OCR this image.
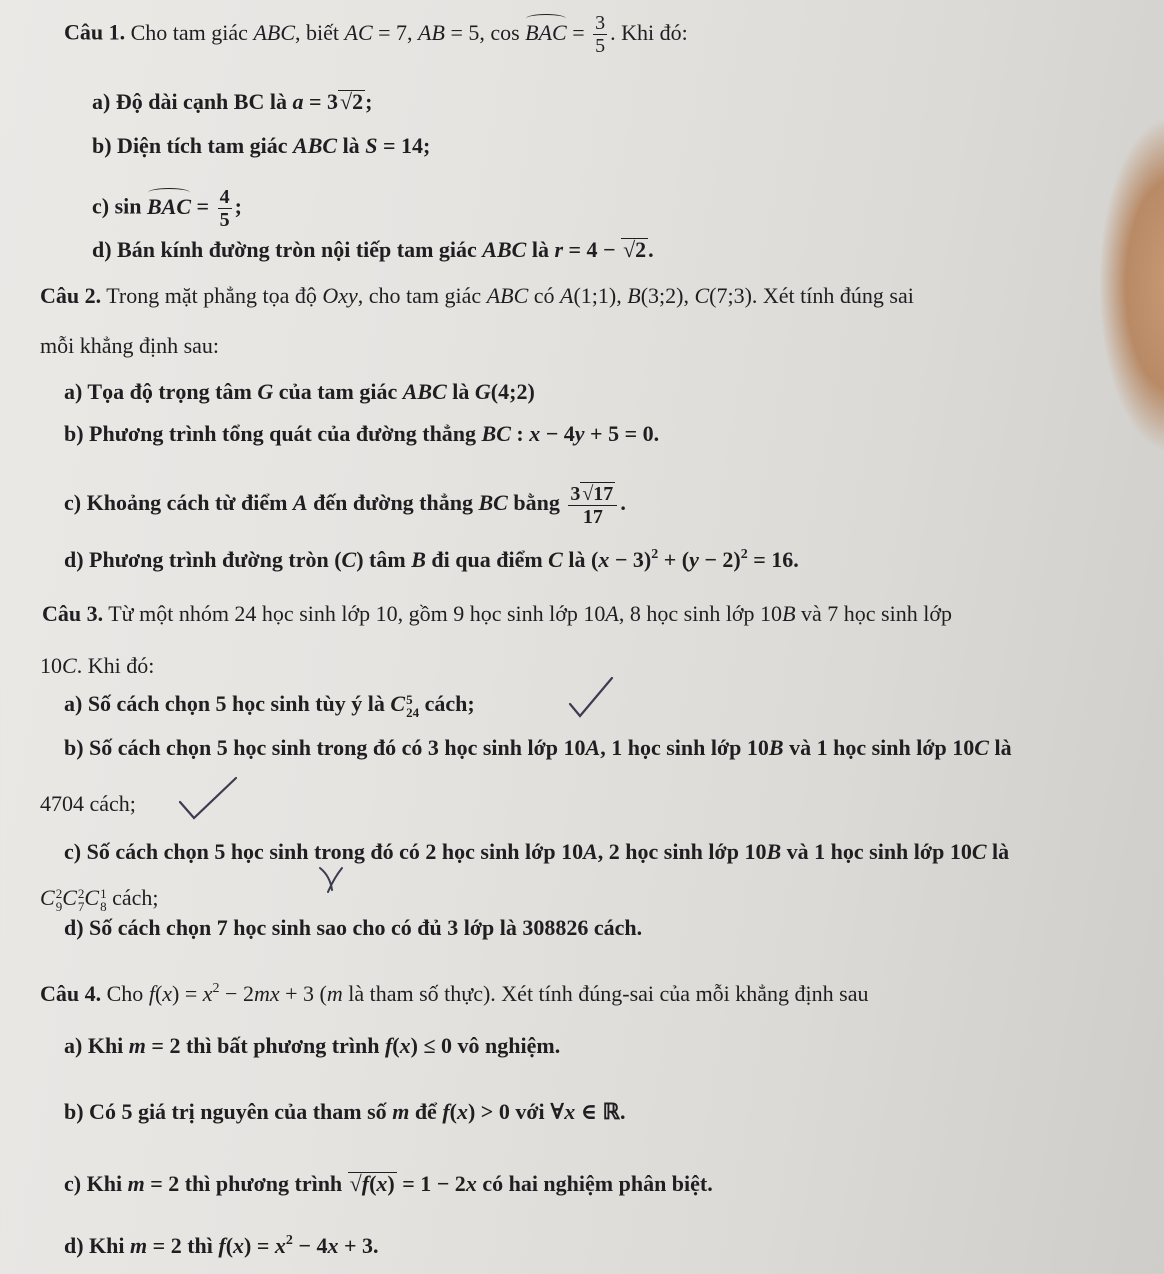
Câu 1. Cho tam giác ABC, biết AC = 7, AB = 5, cos BAC = $\frac{3}{5}$ . Khi đó:
a) Độ dài cạnh BC là a = 3√2;
b) Diện tích tam giác ABC là S = 14;
c) sin BAC = $\frac{4}{5}$ ;
d) Bán kính đường tròn nội tiếp tam giác ABC là r = 4 − √2.
Câu 2. Trong mặt phẳng tọa độ Oxy, cho tam giác ABC có A(1;1), B(3;2), C(7;3). Xét tính đúng sai
mỗi khẳng định sau:
a) Tọa độ trọng tâm G của tam giác ABC là G(4;2)
b) Phương trình tổng quát của đường thẳng BC : x − 4y + 5 = 0.
c) Khoảng cách từ điểm A đến đường thẳng BC bằng $\frac{3 √17}{17}$ .
d) Phương trình đường tròn (C) tâm B đi qua điểm C là $(x - 3)^2 + (y - 2)^2 = 16$.
Câu 3. Từ một nhóm 24 học sinh lớp 10, gồm 9 học sinh lớp 10A, 8 học sinh lớp 10B và 7 học sinh lớp
10C. Khi đó:
a) Số cách chọn 5 học sinh tùy ý là C 5
24 cách;
b) Số cách chọn 5 học sinh trong đó có 3 học sinh lớp 10A, 1 học sinh lớp 10B và 1 học sinh lớp 10C là
4704 cách;
c) Số cách chọn 5 học sinh trong đó có 2 học sinh lớp 10A, 2 học sinh lớp 10B và 1 học sinh lớp 10C là
C 2
9 C 2
7 C 1
8 cách;
d) Số cách chọn 7 học sinh sao cho có đủ 3 lớp là 308826 cách.
Câu 4. Cho $f(x) = x^2 - 2mx + 3$ (m là tham số thực). Xét tính đúng-sai của mỗi khẳng định sau
a) Khi m = 2 thì bất phương trình f(x) ≤ 0 vô nghiệm.
b) Có 5 giá trị nguyên của tham số m để f(x) > 0 với ∀x ∈ ℝ.
c) Khi m = 2 thì phương trình √f(x) = 1 − 2x có hai nghiệm phân biệt.
d) Khi m = 2 thì $f(x) = x^2 - 4x + 3$.
